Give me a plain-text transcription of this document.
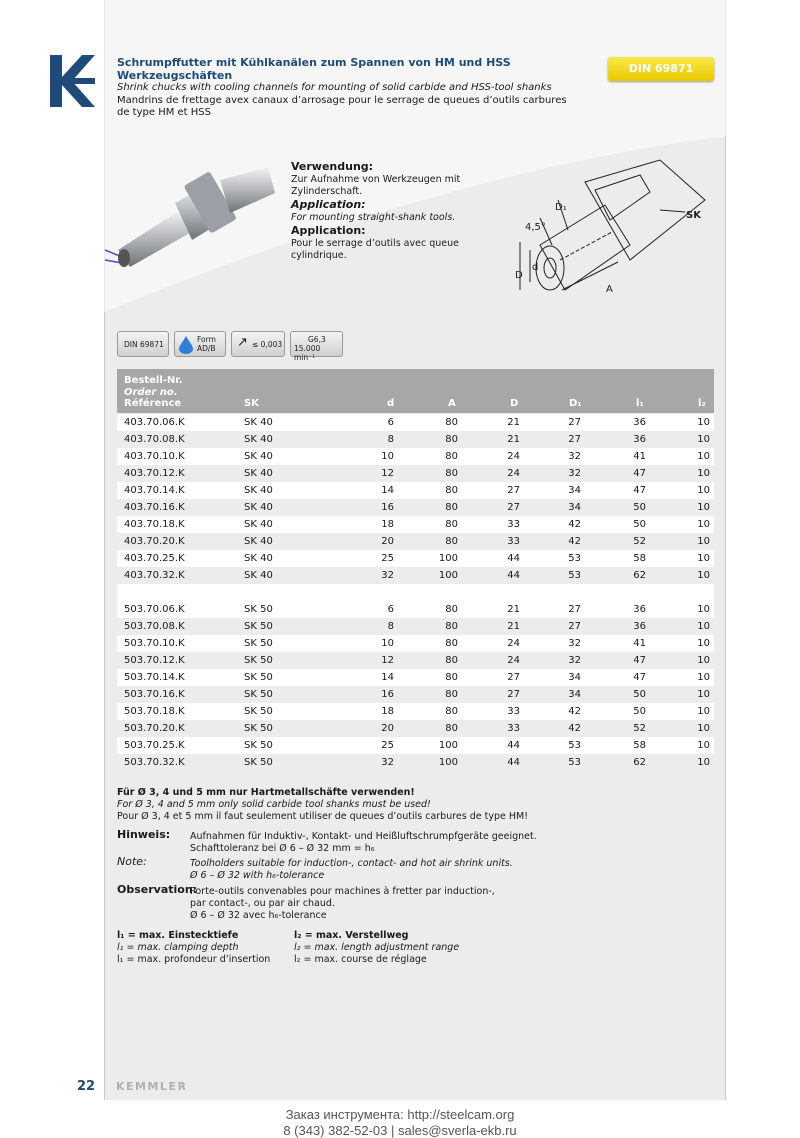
Schrumpffutter mit Kühlkanälen zum Spannen von HM und HSS Werkzeugschäften
Shrink chucks with cooling channels for mounting of solid carbide and HSS-tool shanks
Mandrins de frettage avex canaux d’arrosage pour le serrage de queues d’outils carbures
de type HM et HSS
DIN 69871
Verwendung:
Zur Aufnahme von Werkzeugen mit Zylinderschaft.
Application:
For mounting straight-shank tools.
Application:
Pour le serrage d’outils avec queue cylindrique.
4,5°
D₁
SK
D
d
A
DIN 69871
Form
AD/B ↗ ≤ 0,003
G6,3
15.000 min⁻¹
Bestell-Nr.
Order no.
Référence	SK	d	A	D	D₁	l₁	l₂
403.70.06.K	SK 40	6	80	21	27	36	10
403.70.08.K	SK 40	8	80	21	27	36	10
403.70.10.K	SK 40	10	80	24	32	41	10
403.70.12.K	SK 40	12	80	24	32	47	10
403.70.14.K	SK 40	14	80	27	34	47	10
403.70.16.K	SK 40	16	80	27	34	50	10
403.70.18.K	SK 40	18	80	33	42	50	10
403.70.20.K	SK 40	20	80	33	42	52	10
403.70.25.K	SK 40	25	100	44	53	58	10
403.70.32.K	SK 40	32	100	44	53	62	10
503.70.06.K	SK 50	6	80	21	27	36	10
503.70.08.K	SK 50	8	80	21	27	36	10
503.70.10.K	SK 50	10	80	24	32	41	10
503.70.12.K	SK 50	12	80	24	32	47	10
503.70.14.K	SK 50	14	80	27	34	47	10
503.70.16.K	SK 50	16	80	27	34	50	10
503.70.18.K	SK 50	18	80	33	42	50	10
503.70.20.K	SK 50	20	80	33	42	52	10
503.70.25.K	SK 50	25	100	44	53	58	10
503.70.32.K	SK 50	32	100	44	53	62	10
Für Ø 3, 4 und 5 mm nur Hartmetallschäfte verwenden!
For Ø 3, 4 and 5 mm only solid carbide tool shanks must be used!
Pour Ø 3, 4 et 5 mm il faut seulement utiliser de queues d’outils carbures de type HM!
Hinweis: Aufnahmen für Induktiv-, Kontakt- und Heißluftschrumpfgeräte geeignet.
Schafttoleranz bei Ø 6 – Ø 32 mm = h₆
Note:	Toolholders suitable for induction-, contact- and hot air shrink units.
Ø 6 – Ø 32 with h₆-tolerance
Observation:
Porte-outils convenables pour machines à fretter par induction-,
par contact-, ou par air chaud.
Ø 6 – Ø 32 avec h₆-tolerance
l₁ = max. Einstecktiefe
l₁ = max. clamping depth
l₁ = max. profondeur d’insertion
l₂ = max. Verstellweg
l₂ = max. length adjustment range
l₂ = max. course de réglage
22 KEMMLER
Заказ инструмента: http://steelcam.org
8 (343) 382-52-03 | sales@sverla-ekb.ru
